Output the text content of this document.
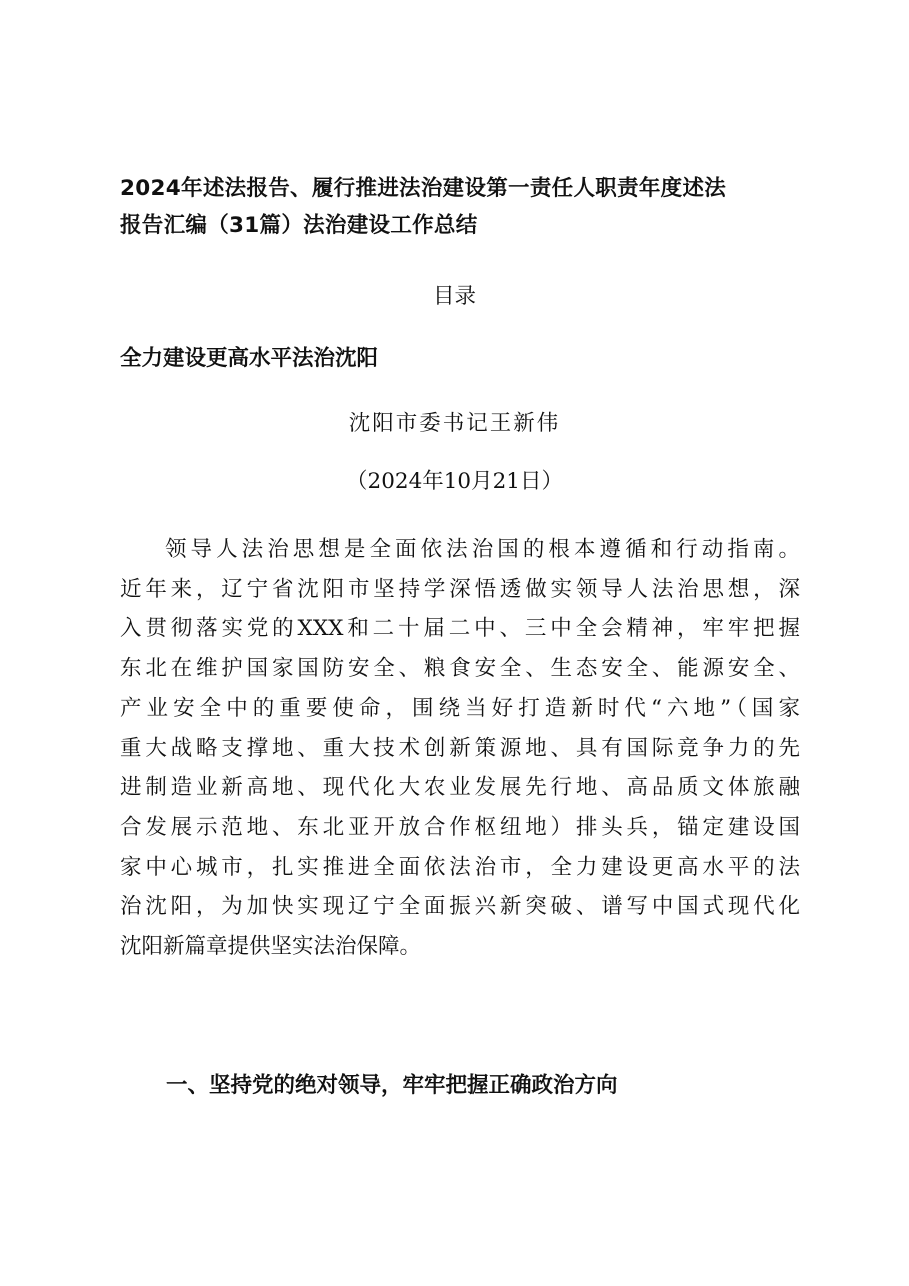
2024年述法报告、履行推进法治建设第一责任人职责年度述法
报告汇编（31篇）法治建设工作总结
目录
全力建设更高水平法治沈阳
沈阳市委书记王新伟
（2024年10月21日）
领导人法治思想是全面依法治国的根本遵循和行动指南。
近年来，辽宁省沈阳市坚持学深悟透做实领导人法治思想，深
入贯彻落实党的XXX和二十届二中、三中全会精神，牢牢把握
东北在维护国家国防安全、粮食安全、生态安全、能源安全、
产业安全中的重要使命，围绕当好打造新时代“六地”（国家
重大战略支撑地、重大技术创新策源地、具有国际竞争力的先
进制造业新高地、现代化大农业发展先行地、高品质文体旅融
合发展示范地、东北亚开放合作枢纽地）排头兵，锚定建设国
家中心城市，扎实推进全面依法治市，全力建设更高水平的法
治沈阳，为加快实现辽宁全面振兴新突破、谱写中国式现代化
沈阳新篇章提供坚实法治保障。
一、坚持党的绝对领导，牢牢把握正确政治方向
